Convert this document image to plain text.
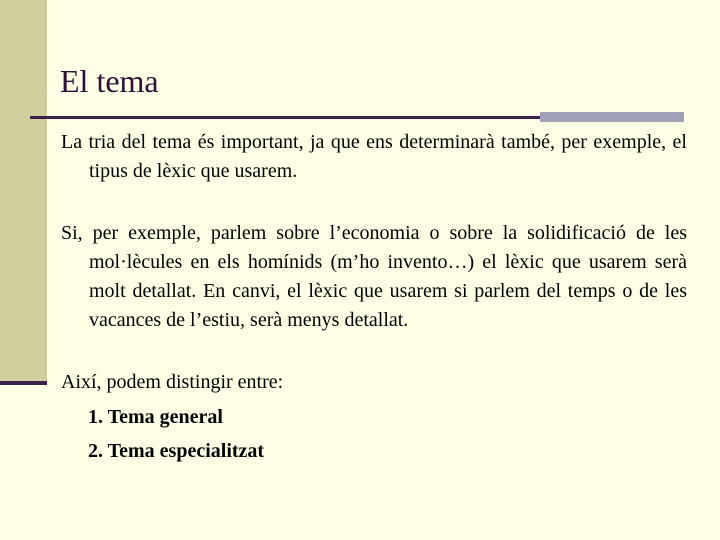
El tema

La tria del tema és important, ja que ens determinarà també, per exemple, el tipus de lèxic que usarem.

Si, per exemple, parlem sobre l’economia o sobre la solidificació de les mol·lècules en els homínids (m’ho invento…) el lèxic que usarem serà molt detallat. En canvi, el lèxic que usarem si parlem del temps o de les vacances de l’estiu, serà menys detallat.

Així, podem distingir entre:

1. Tema general
2. Tema especialitzat
